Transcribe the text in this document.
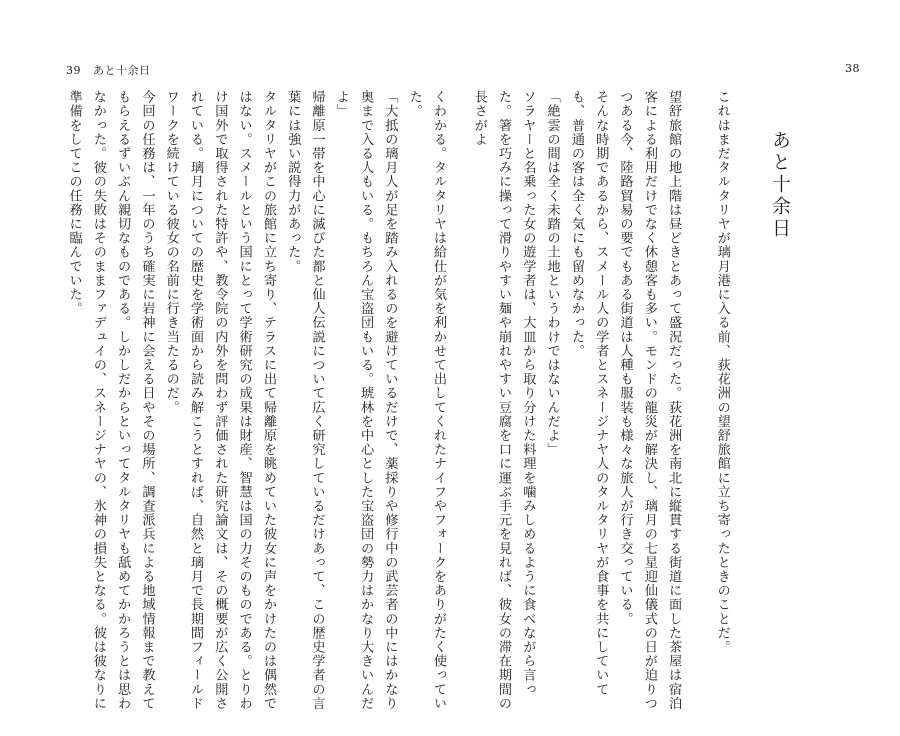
39 あと十余日	38
あと十余日

これはまだタルタリヤが璃月港に入る前、荻花洲の望舒旅館に立ち寄ったときのことだ。

望舒旅館の地上階は昼どきとあって盛況だった。荻花洲を南北に縦貫する街道に面した茶屋は宿泊客による利用だけでなく休憩客も多い。モンドの龍災が解決し、璃月の七星迎仙儀式の日が迫りつつある今、陸路貿易の要でもある街道は人種も服装も様々な旅人が行き交っている。

そんな時期であるから、スメール人の学者とスネージナヤ人のタルタリヤが食事を共にしていても、普通の客は全く気にも留めなかった。

「絶雲の間は全く未踏の土地というわけではないんだよ」

ソラヤーと名乗った女の遊学者は、大皿から取り分けた料理を噛みしめるように食べながら言った。箸を巧みに操って滑りやすい麺や崩れやすい豆腐を口に運ぶ手元を見れば、彼女の滞在期間の長さがよ

くわかる。タルタリヤは給仕が気を利かせて出してくれたナイフやフォークをありがたく使っていた。

「大抵の璃月人が足を踏み入れるのを避けているだけで、薬採りや修行中の武芸者の中にはかなり奥まで入る人もいる。もちろん宝盗団もいる。琥林を中心とした宝盗団の勢力はかなり大きいんだよ」

帰離原一帯を中心に滅びた都と仙人伝説について広く研究しているだけあって、この歴史学者の言葉には強い説得力があった。

タルタリヤがこの旅館に立ち寄り、テラスに出て帰離原を眺めていた彼女に声をかけたのは偶然ではない。スメールという国にとって学術研究の成果は財産、智慧は国の力そのものである。とりわけ国外で取得された特許や、教令院の内外を問わず評価された研究論文は、その概要が広く公開されている。璃月についての歴史を学術面から読み解こうとすれば、自然と璃月で長期間フィールドワークを続けている彼女の名前に行き当たるのだ。

今回の任務は、一年のうち確実に岩神に会える日やその場所、調査派兵による地域情報まで教えてもらえるずいぶん親切なものである。しかしだからといってタルタリヤも舐めてかかろうとは思わなかった。彼の失敗はそのままファデュイの、スネージナヤの、氷神の損失となる。彼は彼なりに準備をしてこの任務に臨んでいた。
